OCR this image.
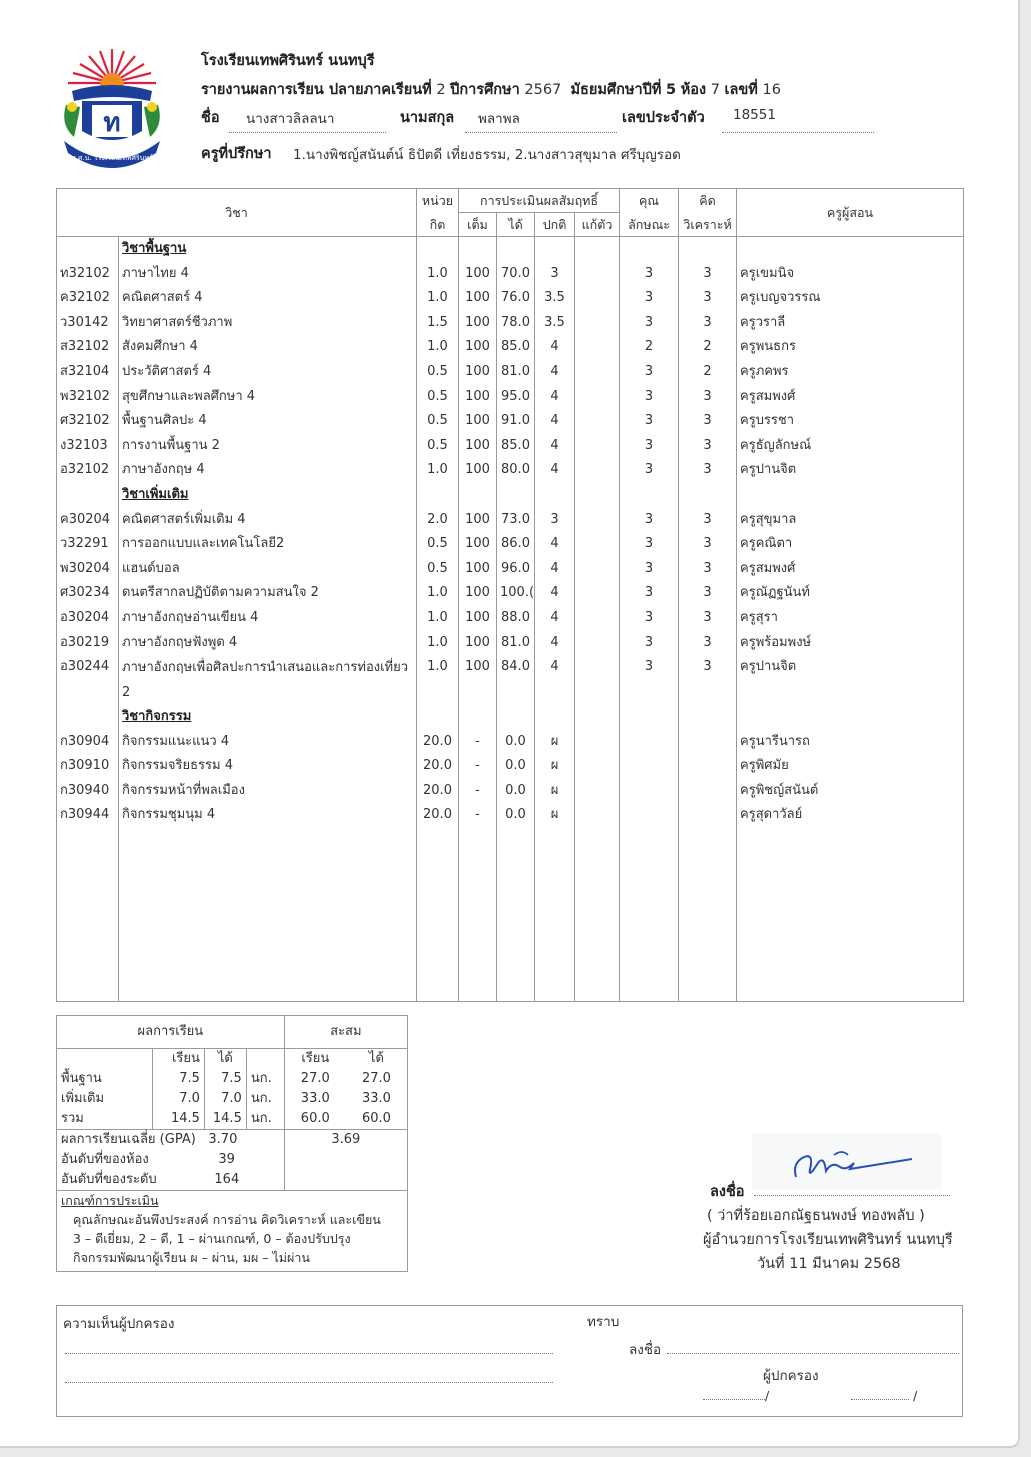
ท
ท.ศ.น. โรงเรียนเทพศิรินทร์
โรงเรียนเทพศิรินทร์ นนทบุรี
รายงานผลการเรียน ปลายภาคเรียนที่ 2 ปีการศึกษา 2567 มัธยมศึกษาปีที่ 5 ห้อง 7 เลขที่ 16
ชื่อ นางสาวลิลลนา	นามสกุล พลาพล	เลขประจำตัว 18551
ครูที่ปรึกษา 1.นางพิชญ์สนันต์น์ ธิปัตดี เที่ยงธรรม, 2.นางสาวสุขุมาล ศรีบุญรอด
วิชา		หน่วย	การประเมินผลสัมฤทธิ์				คุณ	คิด	ครูผู้สอน
		กิต	เต็ม	ได้	ปกติ	แก้ตัว	ลักษณะ	วิเคราะห์	
	วิชาพื้นฐาน								
ท32102	ภาษาไทย 4	1.0	100	70.0	3		3	3	ครูเขมนิจ
ค32102	คณิตศาสตร์ 4	1.0	100	76.0	3.5		3	3	ครูเบญจวรรณ
ว30142	วิทยาศาสตร์ชีวภาพ	1.5	100	78.0	3.5		3	3	ครูวราลี
ส32102	สังคมศึกษา 4	1.0	100	85.0	4		2	2	ครูพนธกร
ส32104	ประวัติศาสตร์ 4	0.5	100	81.0	4		3	2	ครูภคพร
พ32102	สุขศึกษาและพลศึกษา 4	0.5	100	95.0	4		3	3	ครูสมพงศ์
ศ32102	พื้นฐานศิลปะ 4	0.5	100	91.0	4		3	3	ครูบรรชา
ง32103	การงานพื้นฐาน 2	0.5	100	85.0	4		3	3	ครูธัญลักษณ์
อ32102	ภาษาอังกฤษ 4	1.0	100	80.0	4		3	3	ครูปานจิต
	วิชาเพิ่มเติม								
ค30204	คณิตศาสตร์เพิ่มเติม 4	2.0	100	73.0	3		3	3	ครูสุขุมาล
ว32291	การออกแบบและเทคโนโลยี2	0.5	100	86.0	4		3	3	ครูคณิตา
พ30204	แฮนด์บอล	0.5	100	96.0	4		3	3	ครูสมพงศ์
ศ30234	ดนตรีสากลปฏิบัติตามความสนใจ 2	1.0	100	100.(	4		3	3	ครูณัฏฐนันท์
อ30204	ภาษาอังกฤษอ่านเขียน 4	1.0	100	88.0	4		3	3	ครูสุรา
อ30219	ภาษาอังกฤษฟังพูด 4	1.0	100	81.0	4		3	3	ครูพร้อมพงษ์
อ30244	ภาษาอังกฤษเพื่อศิลปะการนำเสนอและการท่องเที่ยว 2	1.0	100	84.0	4		3	3	ครูปานจิต
	วิชากิจกรรม								
ก30904	กิจกรรมแนะแนว 4	20.0	-	0.0	ผ				ครูนารีนารถ
ก30910	กิจกรรมจริยธรรม 4	20.0	-	0.0	ผ				ครูพิศมัย
ก30940	กิจกรรมหน้าที่พลเมือง	20.0	-	0.0	ผ				ครูพิชญ์สนันต์
ก30944	กิจกรรมชุมนุม 4	20.0	-	0.0	ผ				ครูสุดาวัลย์

ผลการเรียน				สะสม	
	เรียน	ได้		เรียน	ได้
พื้นฐาน	7.5	7.5	นก.	27.0	27.0
เพิ่มเติม	7.0	7.0	นก.	33.0	33.0
รวม	14.5	14.5	นก.	60.0	60.0
ผลการเรียนเฉลี่ย (GPA)		3.70		3.69	
อันดับที่ของห้อง		39			
อันดับที่ของระดับ		164			

เกณฑ์การประเมิน
คุณลักษณะอันพึงประสงค์ การอ่าน คิดวิเคราะห์ และเขียน
3 – ดีเยี่ยม, 2 – ดี, 1 – ผ่านเกณฑ์, 0 – ต้องปรับปรุง
กิจกรรมพัฒนาผู้เรียน ผ – ผ่าน, มผ – ไม่ผ่าน					
ลงชื่อ
( ว่าที่ร้อยเอกณัฐธนพงษ์ ทองพลับ )
ผู้อำนวยการโรงเรียนเทพศิรินทร์ นนทบุรี
วันที่ 11 มีนาคม 2568
ความเห็นผู้ปกครอง	ทราบ
ลงชื่อ
ผู้ปกครอง
/ /
